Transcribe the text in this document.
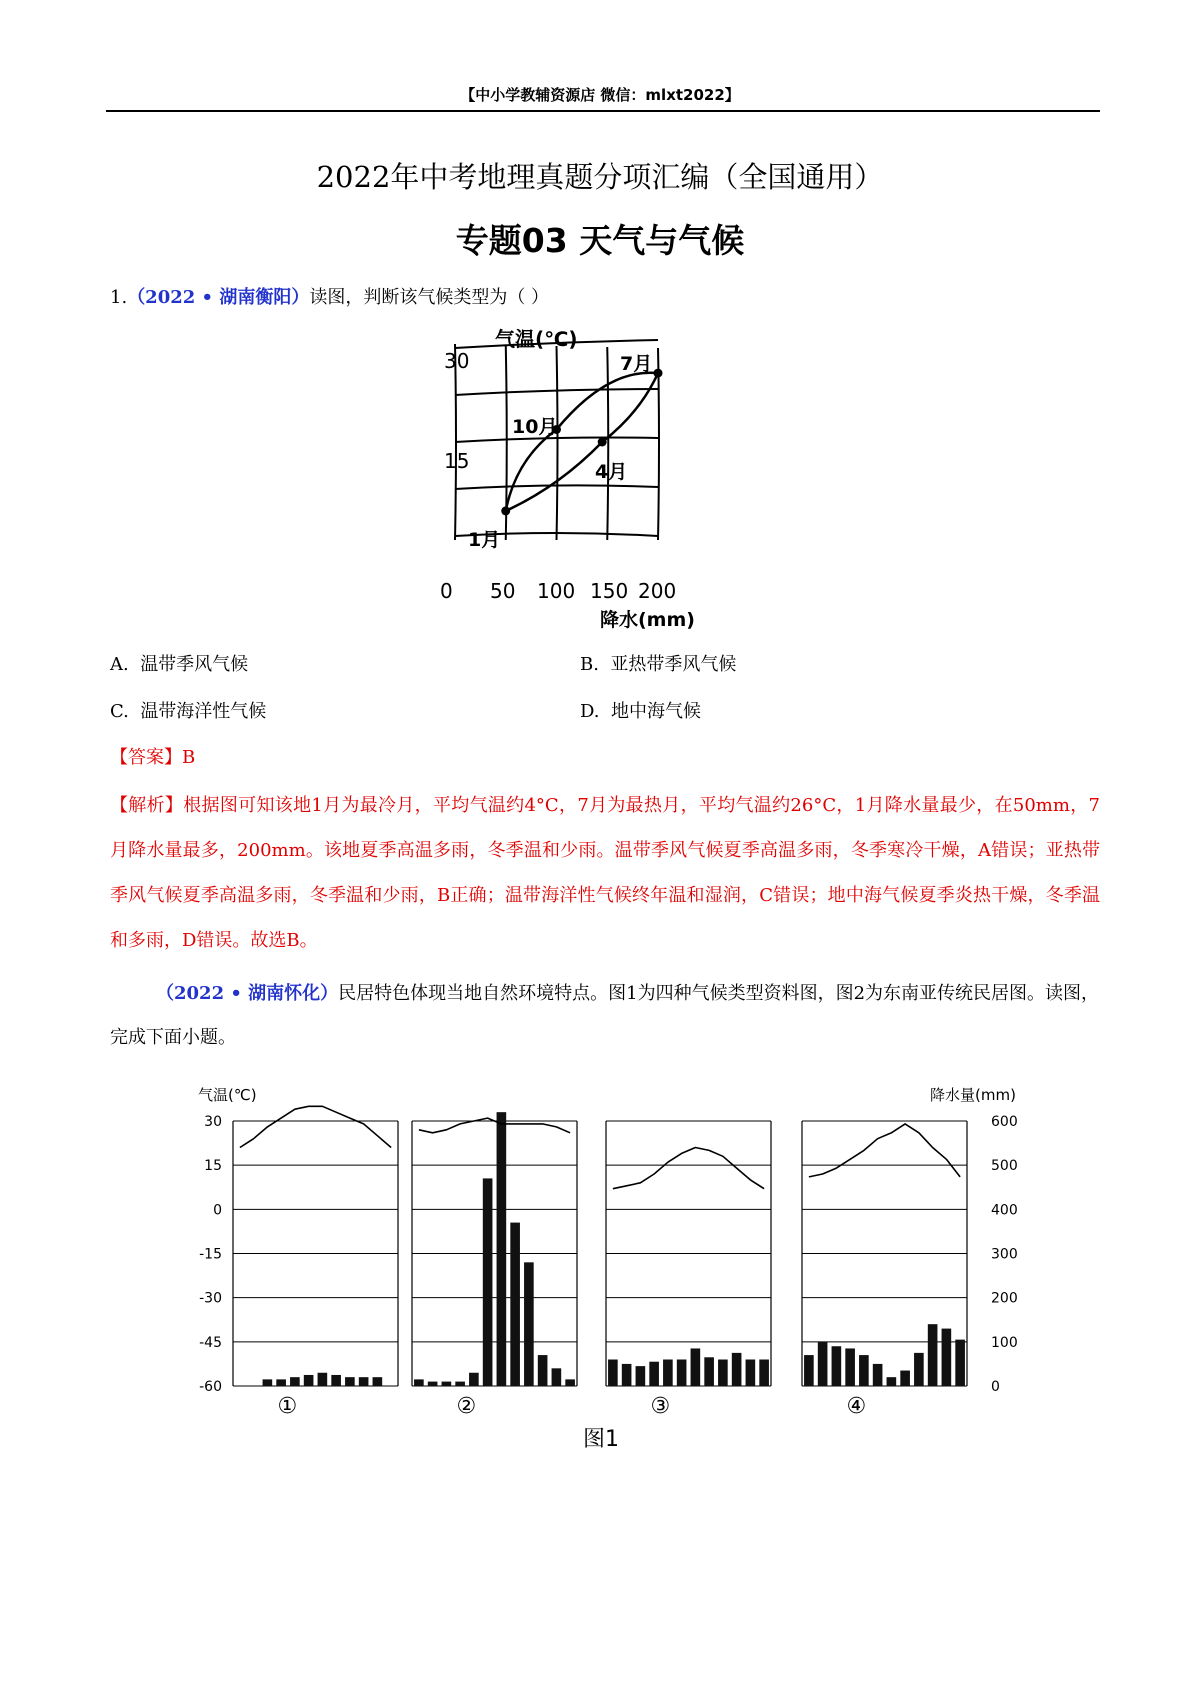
【中小学教辅资源店 微信：mlxt2022】
2022年中考地理真题分项汇编（全国通用）
专题03 天气与气候
1.（2022 • 湖南衡阳）读图，判断该气候类型为（ ）
气温(℃)
30
15
0 50 100 150 200
降水(mm)
1月
4月
7月
10月
A. 温带季风气候	B. 亚热带季风气候
C. 温带海洋性气候	D. 地中海气候
【答案】B
【解析】根据图可知该地1月为最冷月，平均气温约4°C，7月为最热月，平均气温约26°C，1月降水量最少，在50mm，7月降水量最多，200mm。该地夏季高温多雨，冬季温和少雨。温带季风气候夏季高温多雨，冬季寒冷干燥，A错误；亚热带季风气候夏季高温多雨，冬季温和少雨，B正确；温带海洋性气候终年温和湿润，C错误；地中海气候夏季炎热干燥，冬季温和多雨，D错误。故选B。
（2022 • 湖南怀化）民居特色体现当地自然环境特点。图1为四种气候类型资料图，图2为东南亚传统民居图。读图，完成下面小题。
气温(℃)	降水量(mm)
30
15
0
-15
-30
-45
-60
600
500
400
300
200
100
0
①	②	③	④
图1
